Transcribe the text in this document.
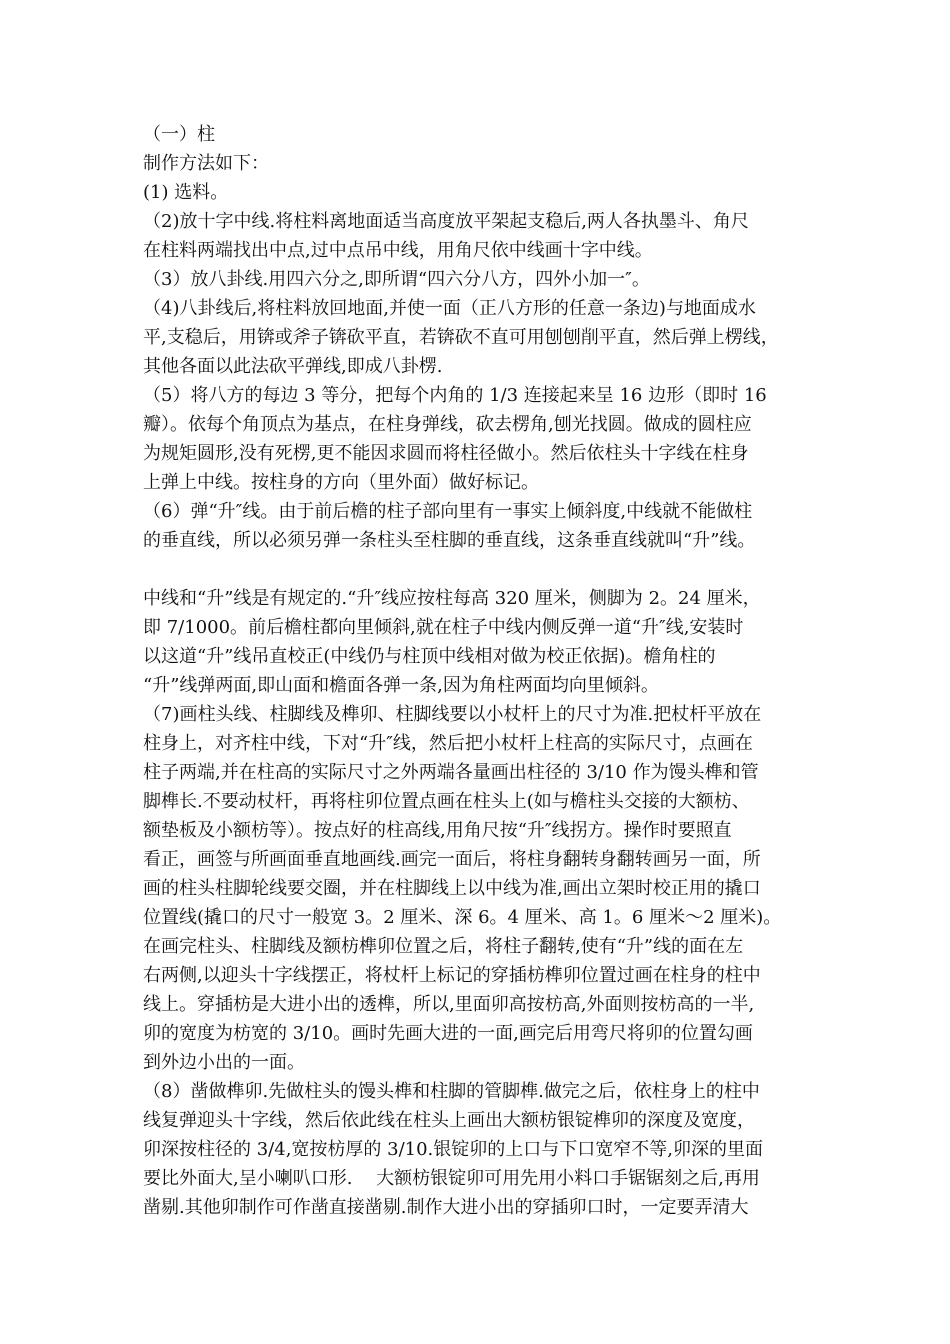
（一）柱
制作方法如下：
(1) 选料。
（2)放十字中线.将柱料离地面适当高度放平架起支稳后,两人各执墨斗、角尺
在柱料两端找出中点,过中点吊中线，用角尺依中线画十字中线。
（3）放八卦线.用四六分之,即所谓“四六分八方，四外小加一″。
（4)八卦线后,将柱料放回地面,并使一面（正八方形的任意一条边)与地面成水
平,支稳后，用锛或斧子锛砍平直，若锛砍不直可用刨刨削平直，然后弹上楞线，
其他各面以此法砍平弹线,即成八卦楞.
（5）将八方的每边 3 等分，把每个内角的 1/3 连接起来呈 16 边形（即时 16
瓣）。依每个角顶点为基点，在柱身弹线，砍去楞角,刨光找圆。做成的圆柱应
为规矩圆形,没有死楞,更不能因求圆而将柱径做小。然后依柱头十字线在柱身
上弹上中线。按柱身的方向（里外面）做好标记。
（6）弹“升″线。由于前后檐的柱子部向里有一事实上倾斜度,中线就不能做柱
的垂直线，所以必须另弹一条柱头至柱脚的垂直线，这条垂直线就叫“升”线。
中线和“升”线是有规定的.“升″线应按柱每高 320 厘米，侧脚为 2。24 厘米，
即 7/1000。前后檐柱都向里倾斜,就在柱子中线内侧反弹一道“升″线,安装时
以这道“升”线吊直校正(中线仍与柱顶中线相对做为校正依据)。檐角柱的
“升”线弹两面,即山面和檐面各弹一条,因为角柱两面均向里倾斜。
（7)画柱头线、柱脚线及榫卯、柱脚线要以小杖杆上的尺寸为准.把杖杆平放在
柱身上，对齐柱中线，下对“升″线，然后把小杖杆上柱高的实际尺寸，点画在
柱子两端,并在柱高的实际尺寸之外两端各量画出柱径的 3/10 作为馒头榫和管
脚榫长.不要动杖杆，再将柱卯位置点画在柱头上(如与檐柱头交接的大额枋、
额垫板及小额枋等）。按点好的柱高线,用角尺按“升″线拐方。操作时要照直
看正，画签与所画面垂直地画线.画完一面后，将柱身翻转身翻转画另一面，所
画的柱头柱脚轮线要交圈，并在柱脚线上以中线为准,画出立架时校正用的撬口
位置线(撬口的尺寸一般宽 3。2 厘米、深 6。4 厘米、高 1。6 厘米～2 厘米)。
在画完柱头、柱脚线及额枋榫卯位置之后，将柱子翻转,使有“升”线的面在左
右两侧,以迎头十字线摆正，将杖杆上标记的穿插枋榫卯位置过画在柱身的柱中
线上。穿插枋是大进小出的透榫，所以,里面卯高按枋高,外面则按枋高的一半,
卯的宽度为枋宽的 3/10。画时先画大进的一面,画完后用弯尺将卯的位置勾画
到外边小出的一面。
（8）凿做榫卯.先做柱头的馒头榫和柱脚的管脚榫.做完之后，依柱身上的柱中
线复弹迎头十字线，然后依此线在柱头上画出大额枋银锭榫卯的深度及宽度，
卯深按柱径的 3/4,宽按枋厚的 3/10.银锭卯的上口与下口宽窄不等,卯深的里面
要比外面大,呈小喇叭口形.　 大额枋银锭卯可用先用小料口手锯锯刻之后,再用
凿剔.其他卯制作可作凿直接凿剔.制作大进小出的穿插卯口时，一定要弄清大
